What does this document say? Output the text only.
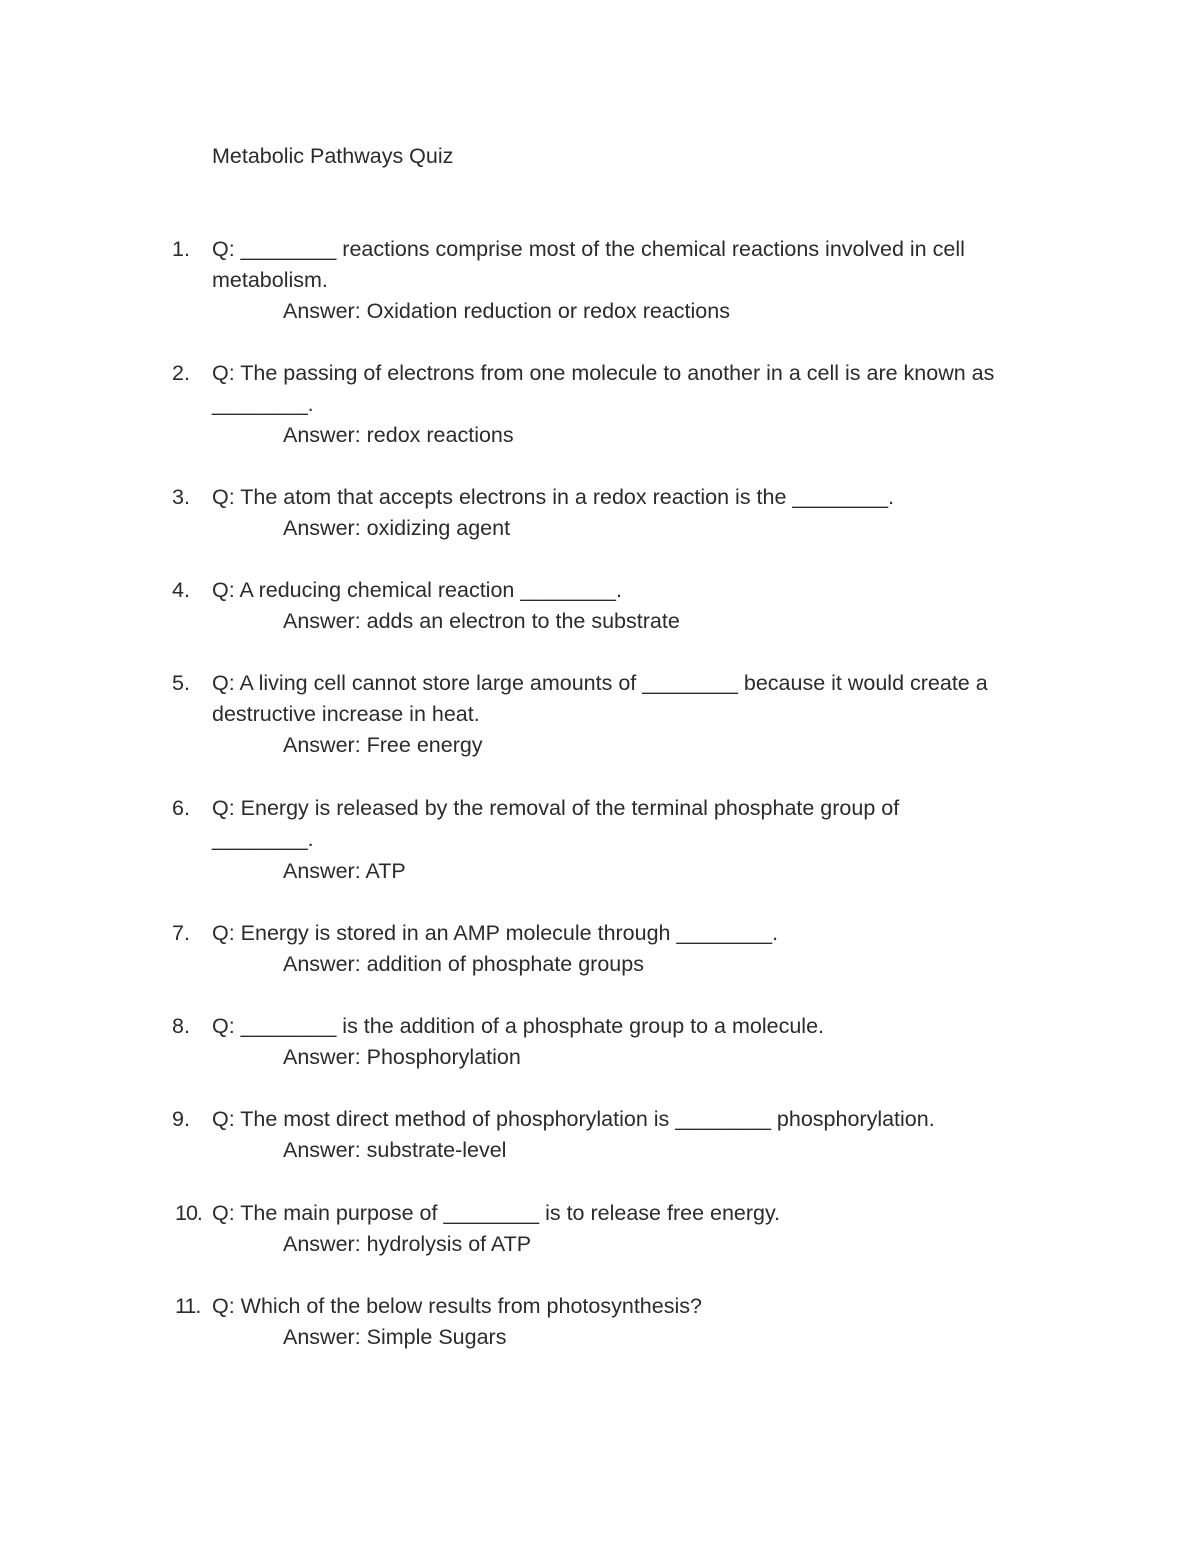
Metabolic Pathways Quiz
1.	Q: ________ reactions comprise most of the chemical reactions involved in cell metabolism.
Answer: Oxidation reduction or redox reactions
2.	Q: The passing of electrons from one molecule to another in a cell is are known as ________.
Answer: redox reactions
3.	Q: The atom that accepts electrons in a redox reaction is the ________.
Answer: oxidizing agent
4.	Q: A reducing chemical reaction ________.
Answer: adds an electron to the substrate
5.	Q: A living cell cannot store large amounts of ________ because it would create a destructive increase in heat.
Answer: Free energy
6.	Q: Energy is released by the removal of the terminal phosphate group of ________.
Answer: ATP
7.	Q: Energy is stored in an AMP molecule through ________.
Answer: addition of phosphate groups
8.	Q: ________ is the addition of a phosphate group to a molecule.
Answer: Phosphorylation
9.	Q: The most direct method of phosphorylation is ________ phosphorylation.
Answer: substrate-level
10. Q: The main purpose of ________ is to release free energy.
Answer: hydrolysis of ATP
11. Q: Which of the below results from photosynthesis?
Answer: Simple Sugars
